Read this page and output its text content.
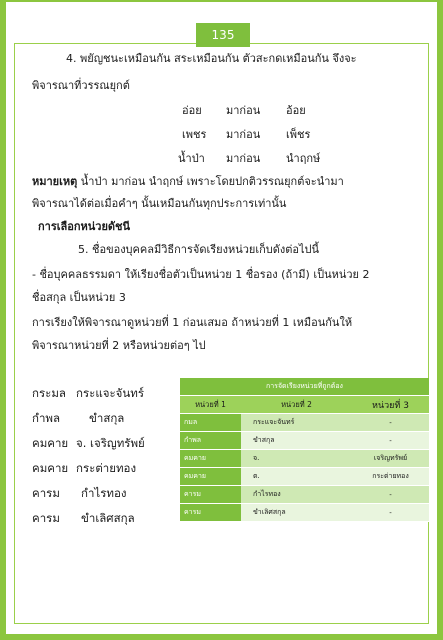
135
4. พยัญชนะเหมือนกัน สระเหมือนกัน ตัวสะกดเหมือนกัน จึงจะ
พิจารณาที่วรรณยุกต์
อ่อย มาก่อน อ้อย
เพชร มาก่อน เพ็ชร
น้ำป่า มาก่อน นำฤกษ์
หมายเหตุ น้ำป่า มาก่อน นำฤกษ์ เพราะโดยปกติวรรณยุกต์จะนำมา
พิจารณาได้ต่อเมื่อคำๆ นั้นเหมือนกันทุกประการเท่านั้น
การเลือกหน่วยดัชนี
5. ชื่อของบุคคลมีวิธีการจัดเรียงหน่วยเก็บดังต่อไปนี้
- ชื่อบุคคลธรรมดา ให้เรียงชื่อตัวเป็นหน่วย 1 ชื่อรอง (ถ้ามี) เป็นหน่วย 2
ชื่อสกุล เป็นหน่วย 3
การเรียงให้พิจารณาดูหน่วยที่ 1 ก่อนเสมอ ถ้าหน่วยที่ 1 เหมือนกันให้
พิจารณาหน่วยที่ 2 หรือหน่วยต่อๆ ไป
กระมล กระแจะจันทร์
กำพล	ขำสกุล
คมคาย จ. เจริญทรัพย์
คมคาย กระต่ายทอง
คารม กำไรทอง
คารม ขำเลิศสกุล
การจัดเรียงหน่วยที่ถูกต้อง		
หน่วยที่ 1	หน่วยที่ 2	หน่วยที่ 3
กมล	กระแจะจันทร์	-
กำพล	ขำสกุล	-
คมคาย	จ.	เจริญทรัพย์
คมคาย	ต.	กระต่ายทอง
คารม	กำไรทอง	-
คารม	ขำเลิศสกุล	-
